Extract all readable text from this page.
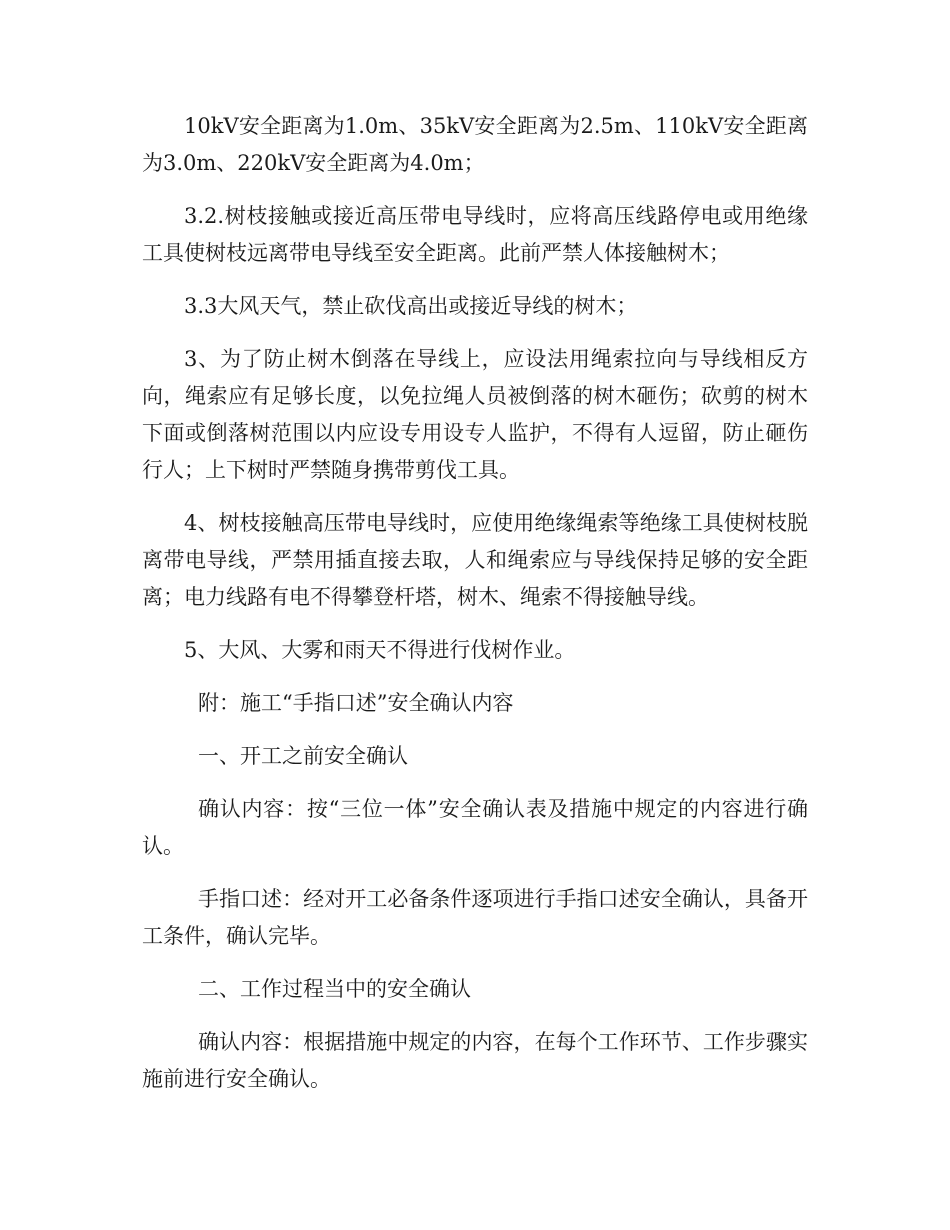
10kV安全距离为1.0m、35kV安全距离为2.5m、110kV安全距离为3.0m、220kV安全距离为4.0m；

3.2.树枝接触或接近高压带电导线时，应将高压线路停电或用绝缘工具使树枝远离带电导线至安全距离。此前严禁人体接触树木；

3.3大风天气，禁止砍伐高出或接近导线的树木；

3、为了防止树木倒落在导线上，应设法用绳索拉向与导线相反方向，绳索应有足够长度，以免拉绳人员被倒落的树木砸伤；砍剪的树木下面或倒落树范围以内应设专用设专人监护，不得有人逗留，防止砸伤行人；上下树时严禁随身携带剪伐工具。

4、树枝接触高压带电导线时，应使用绝缘绳索等绝缘工具使树枝脱离带电导线，严禁用插直接去取，人和绳索应与导线保持足够的安全距离；电力线路有电不得攀登杆塔，树木、绳索不得接触导线。

5、大风、大雾和雨天不得进行伐树作业。

附：施工“手指口述”安全确认内容

一、开工之前安全确认

确认内容：按“三位一体”安全确认表及措施中规定的内容进行确认。

手指口述：经对开工必备条件逐项进行手指口述安全确认，具备开工条件，确认完毕。

二、工作过程当中的安全确认

确认内容：根据措施中规定的内容，在每个工作环节、工作步骤实施前进行安全确认。
